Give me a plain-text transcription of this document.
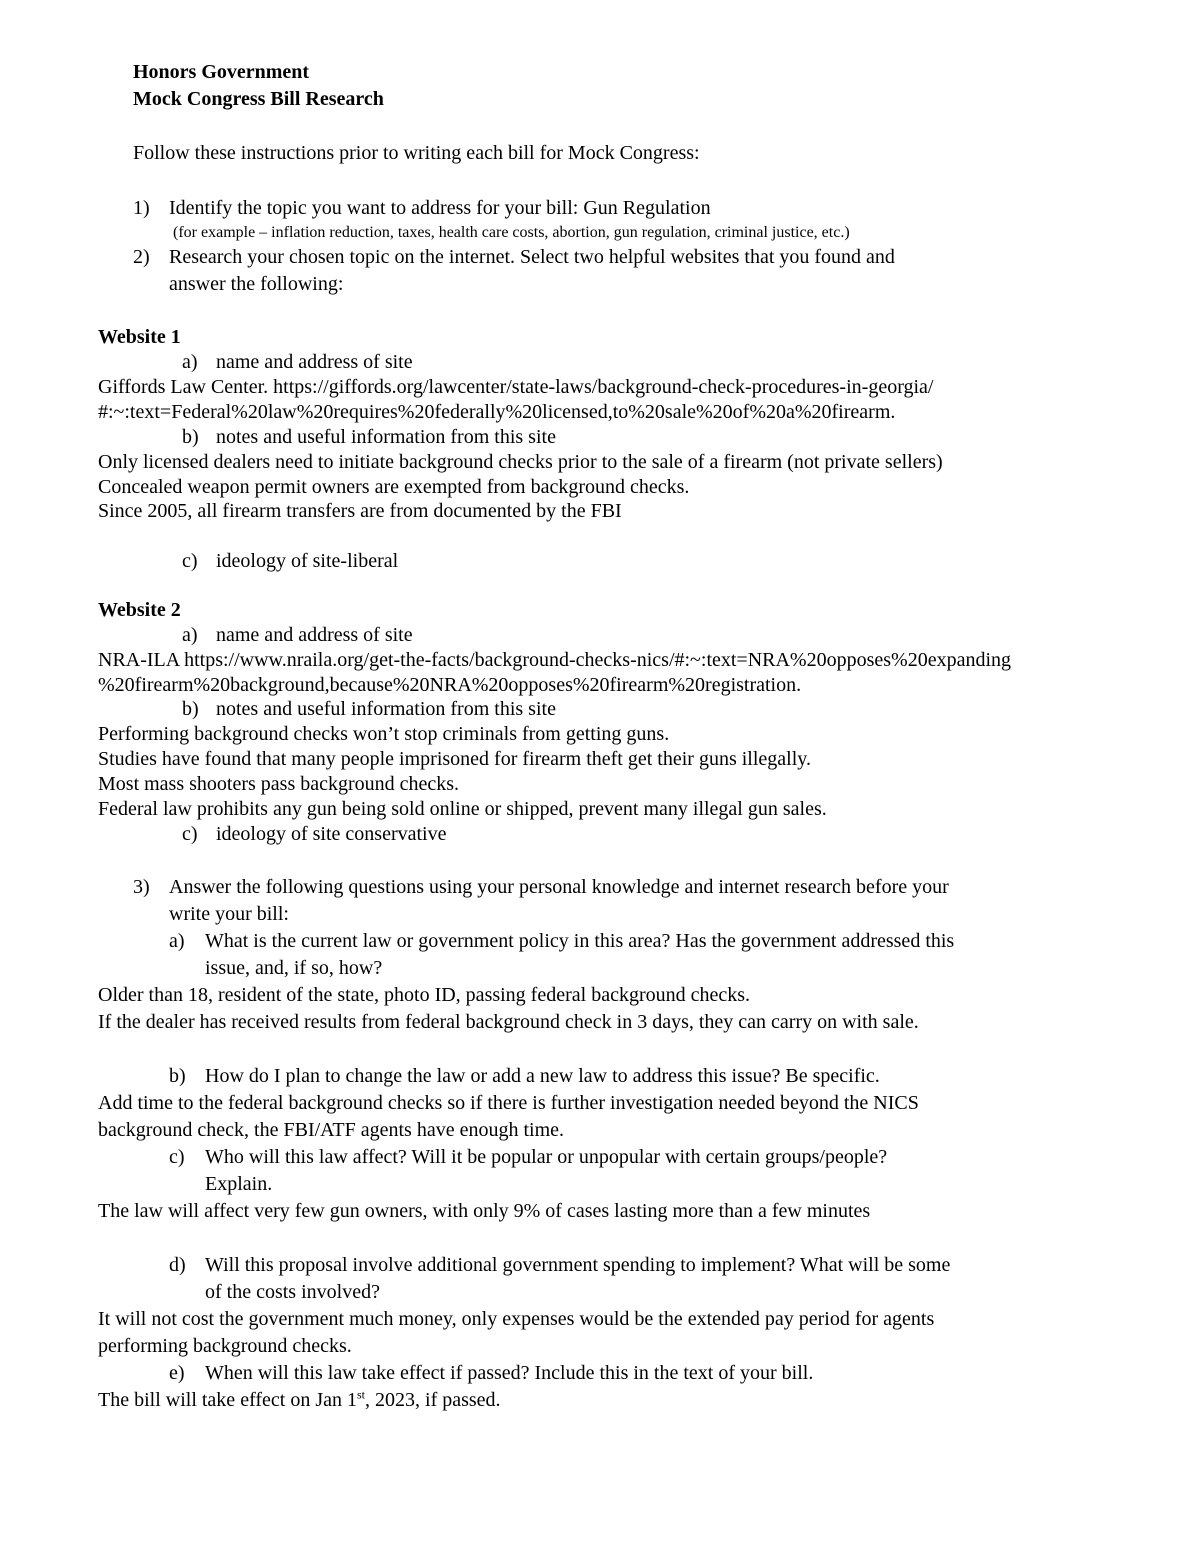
Honors Government
Mock Congress Bill Research
Follow these instructions prior to writing each bill for Mock Congress:
1) Identify the topic you want to address for your bill: Gun Regulation
(for example – inflation reduction, taxes, health care costs, abortion, gun regulation, criminal justice, etc.)
2) Research your chosen topic on the internet. Select two helpful websites that you found and
answer the following:
Website 1
a) name and address of site
Giffords Law Center. https://giffords.org/lawcenter/state-laws/background-check-procedures-in-georgia/
#:~:text=Federal%20law%20requires%20federally%20licensed,to%20sale%20of%20a%20firearm.
b) notes and useful information from this site
Only licensed dealers need to initiate background checks prior to the sale of a firearm (not private sellers)
Concealed weapon permit owners are exempted from background checks.
Since 2005, all firearm transfers are from documented by the FBI
c) ideology of site-liberal
Website 2
a) name and address of site
NRA-ILA https://www.nraila.org/get-the-facts/background-checks-nics/#:~:text=NRA%20opposes%20expanding
%20firearm%20background,because%20NRA%20opposes%20firearm%20registration.
b) notes and useful information from this site
Performing background checks won’t stop criminals from getting guns.
Studies have found that many people imprisoned for firearm theft get their guns illegally.
Most mass shooters pass background checks.
Federal law prohibits any gun being sold online or shipped, prevent many illegal gun sales.
c) ideology of site conservative
3) Answer the following questions using your personal knowledge and internet research before your
write your bill:
a) What is the current law or government policy in this area? Has the government addressed this
issue, and, if so, how?
Older than 18, resident of the state, photo ID, passing federal background checks.
If the dealer has received results from federal background check in 3 days, they can carry on with sale.
b) How do I plan to change the law or add a new law to address this issue? Be specific.
Add time to the federal background checks so if there is further investigation needed beyond the NICS
background check, the FBI/ATF agents have enough time.
c) Who will this law affect? Will it be popular or unpopular with certain groups/people?
Explain.
The law will affect very few gun owners, with only 9% of cases lasting more than a few minutes
d) Will this proposal involve additional government spending to implement? What will be some
of the costs involved?
It will not cost the government much money, only expenses would be the extended pay period for agents
performing background checks.
e) When will this law take effect if passed? Include this in the text of your bill.
The bill will take effect on Jan 1st, 2023, if passed.
